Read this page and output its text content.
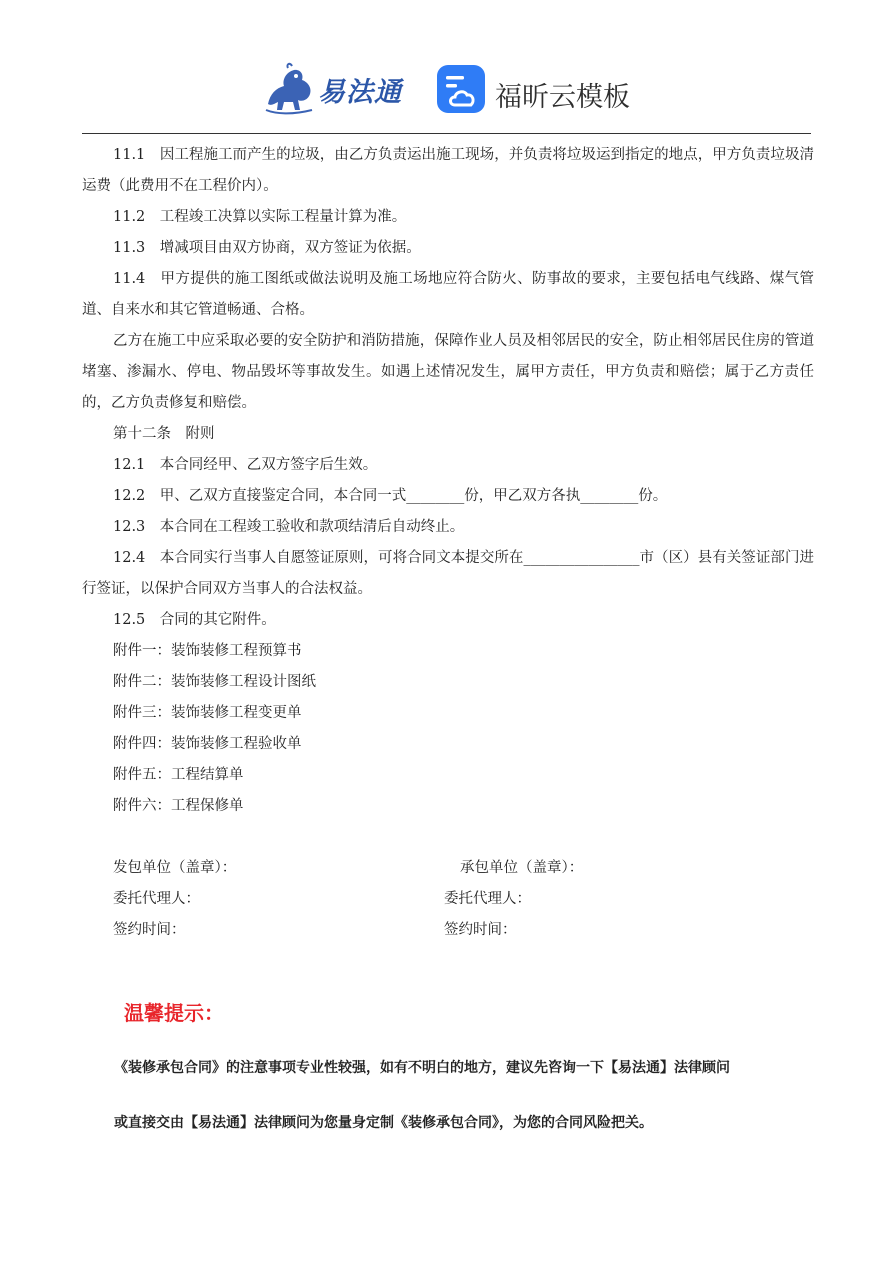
易法通	福昕云模板

11.1　因工程施工而产生的垃圾，由乙方负责运出施工现场，并负责将垃圾运到指定的地点，甲方负责垃圾清运费（此费用不在工程价内）。

11.2　工程竣工决算以实际工程量计算为准。

11.3　增减项目由双方协商，双方签证为依据。

11.4　甲方提供的施工图纸或做法说明及施工场地应符合防火、防事故的要求，主要包括电气线路、煤气管道、自来水和其它管道畅通、合格。

乙方在施工中应采取必要的安全防护和消防措施，保障作业人员及相邻居民的安全，防止相邻居民住房的管道堵塞、渗漏水、停电、物品毁坏等事故发生。如遇上述情况发生，属甲方责任，甲方负责和赔偿；属于乙方责任的，乙方负责修复和赔偿。

第十二条　附则

12.1　本合同经甲、乙双方签字后生效。

12.2　甲、乙双方直接鉴定合同，本合同一式________份，甲乙双方各执________份。

12.3　本合同在工程竣工验收和款项结清后自动终止。

12.4　本合同实行当事人自愿签证原则，可将合同文本提交所在________________市（区）县有关签证部门进行签证，以保护合同双方当事人的合法权益。

12.5　合同的其它附件。

附件一：装饰装修工程预算书

附件二：装饰装修工程设计图纸

附件三：装饰装修工程变更单

附件四：装饰装修工程验收单

附件五：工程结算单

附件六：工程保修单

发包单位（盖章）：	承包单位（盖章）：
委托代理人：	委托代理人：
签约时间：	签约时间：
温馨提示：
《装修承包合同》的注意事项专业性较强，如有不明白的地方，建议先咨询一下【易法通】法律顾问
或直接交由【易法通】法律顾问为您量身定制《装修承包合同》，为您的合同风险把关。
